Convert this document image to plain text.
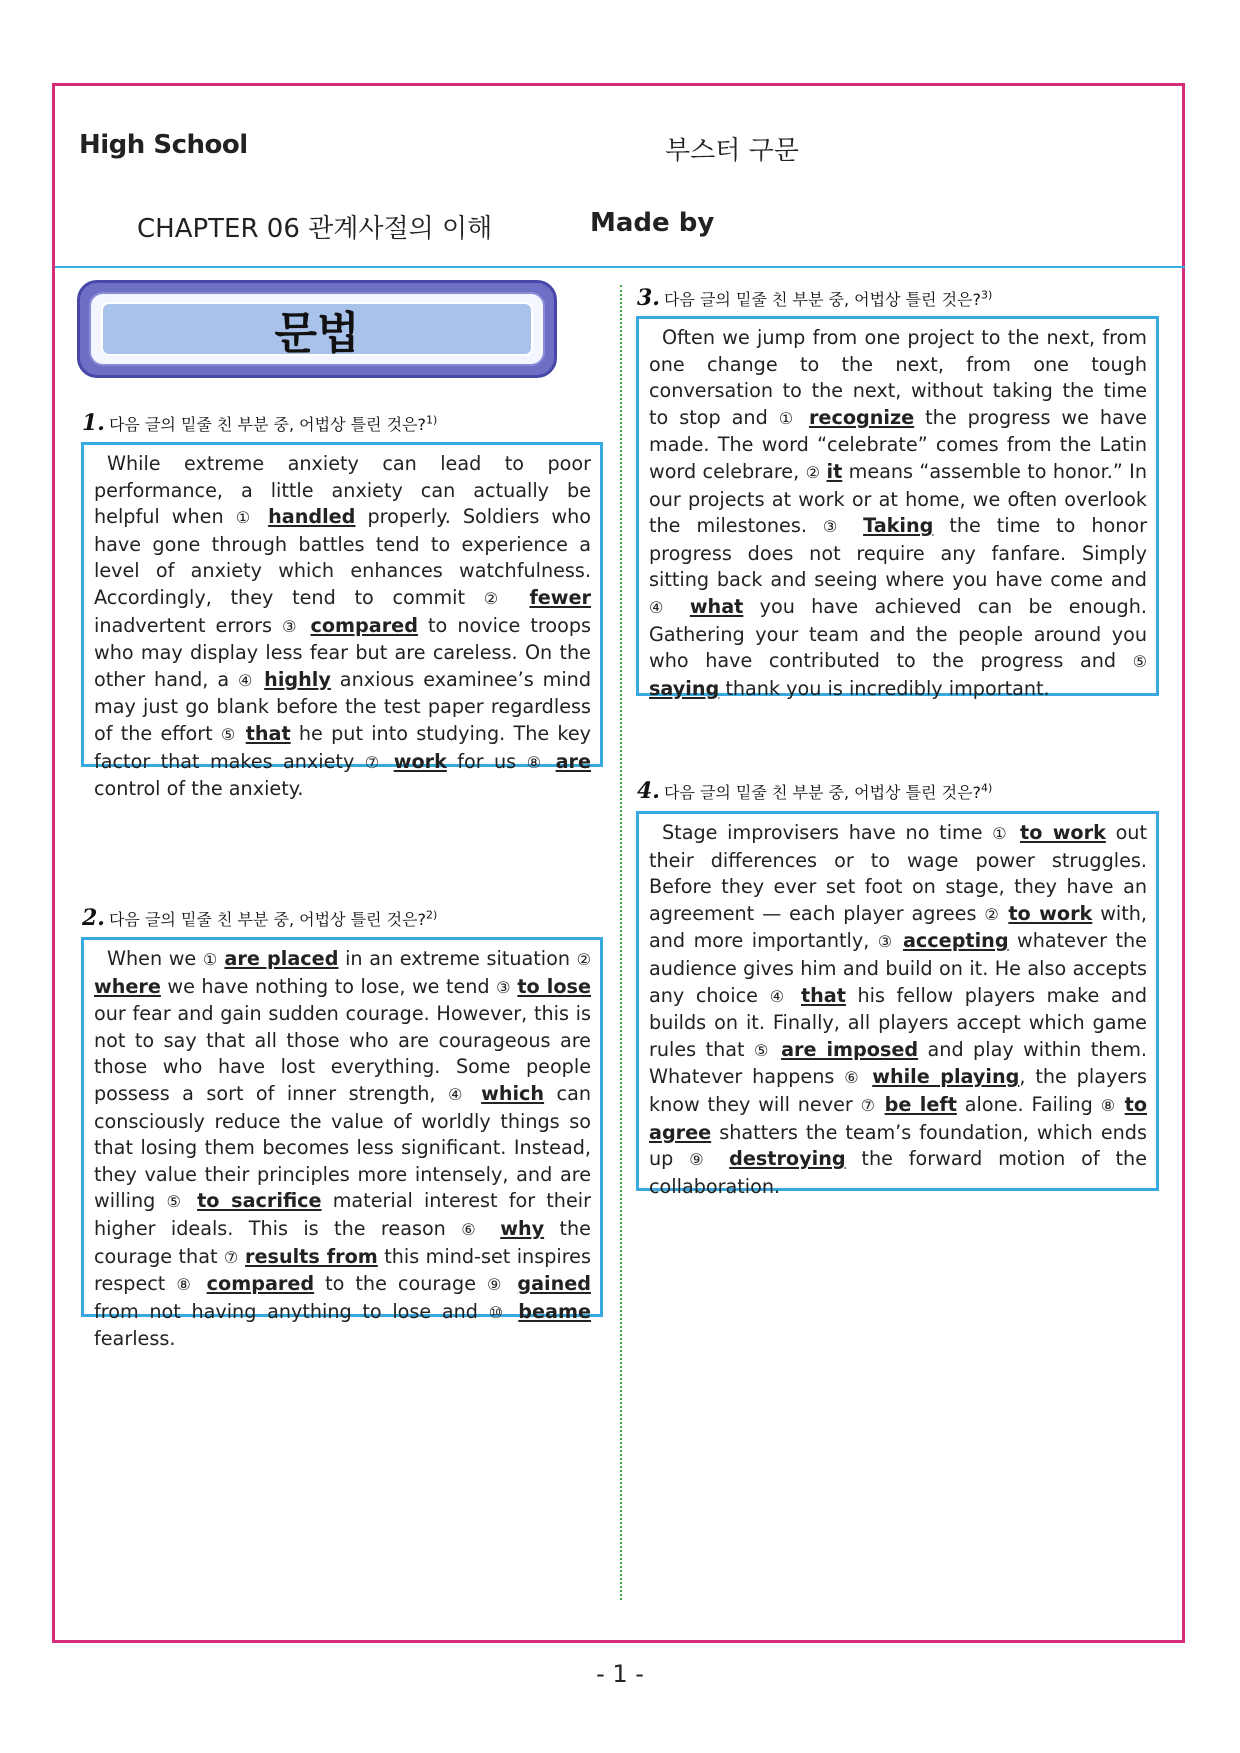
High School	부스터 구문
CHAPTER 06 관계사절의 이해	Made by
문법
1. 다음 글의 밑줄 친 부분 중, 어법상 틀린 것은?$^{1)}$

While extreme anxiety can lead to poor performance, a little anxiety can actually be helpful when ① handled properly. Soldiers who have gone through battles tend to experience a level of anxiety which enhances watchfulness. Accordingly, they tend to commit ② fewer inadvertent errors ③ compared to novice troops who may display less fear but are careless. On the other hand, a ④ highly anxious examinee’s mind may just go blank before the test paper regardless of the effort ⑤ that he put into studying. The key factor that makes anxiety ⑦ work for us ⑧ are control of the anxiety.

2. 다음 글의 밑줄 친 부분 중, 어법상 틀린 것은?$^{2)}$

When we ① are placed in an extreme situation ② where we have nothing to lose, we tend ③ to lose our fear and gain sudden courage. However, this is not to say that all those who are courageous are those who have lost everything. Some people possess a sort of inner strength, ④ which can consciously reduce the value of worldly things so that losing them becomes less significant. Instead, they value their principles more intensely, and are willing ⑤ to sacrifice material interest for their higher ideals. This is the reason ⑥ why the courage that ⑦ results from this mind-set inspires respect ⑧ compared to the courage ⑨ gained from not having anything to lose and ⑩ beame fearless.

3. 다음 글의 밑줄 친 부분 중, 어법상 틀린 것은?$^{3)}$

Often we jump from one project to the next, from one change to the next, from one tough conversation to the next, without taking the time to stop and ① recognize the progress we have made. The word “celebrate” comes from the Latin word celebrare, ② it means “assemble to honor.” In our projects at work or at home, we often overlook the milestones. ③ Taking the time to honor progress does not require any fanfare. Simply sitting back and seeing where you have come and ④ what you have achieved can be enough. Gathering your team and the people around you who have contributed to the progress and ⑤ saying thank you is incredibly important.

4. 다음 글의 밑줄 친 부분 중, 어법상 틀린 것은?$^{4)}$

Stage improvisers have no time ① to work out their differences or to wage power struggles. Before they ever set foot on stage, they have an agreement — each player agrees ② to work with, and more importantly, ③ accepting whatever the audience gives him and build on it. He also accepts any choice ④ that his fellow players make and builds on it. Finally, all players accept which game rules that ⑤ are imposed and play within them. Whatever happens ⑥ while playing, the players know they will never ⑦ be left alone. Failing ⑧ to agree shatters the team’s foundation, which ends up ⑨ destroying the forward motion of the collaboration.

- 1 -
